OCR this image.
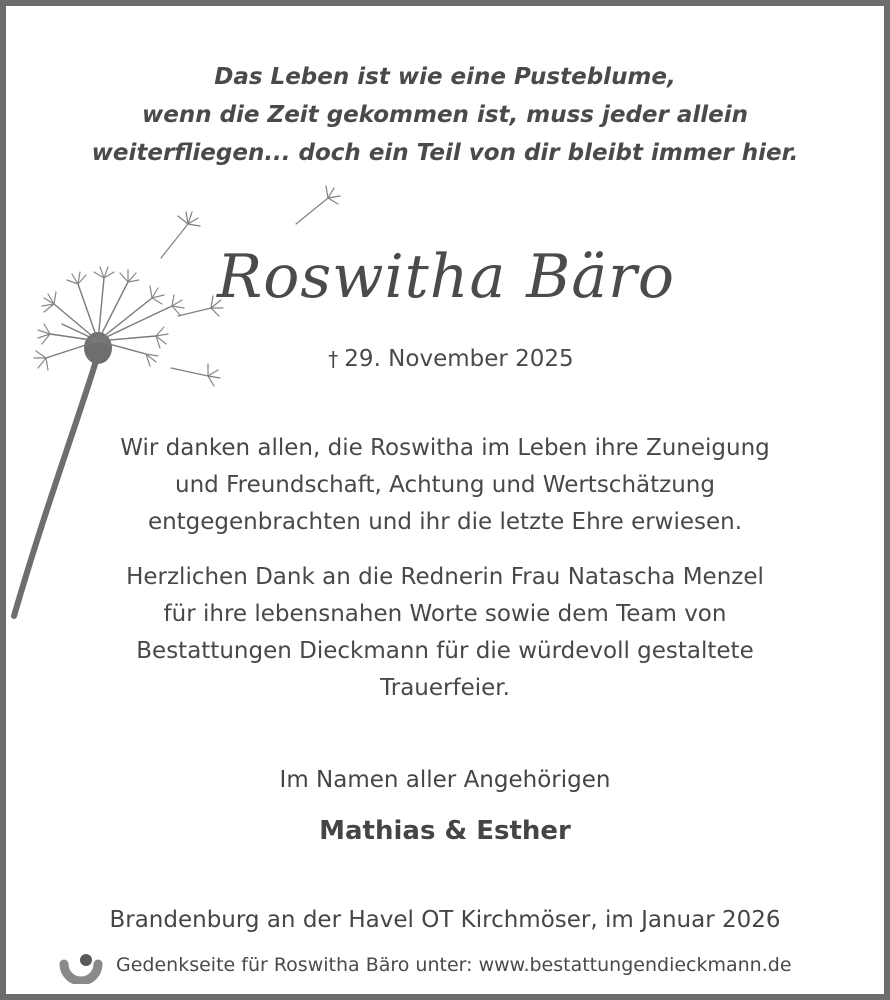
Das Leben ist wie eine Pusteblume,
wenn die Zeit gekommen ist, muss jeder allein
weiterfliegen... doch ein Teil von dir bleibt immer hier.
Roswitha Bäro
† 29. November 2025
Wir danken allen, die Roswitha im Leben ihre Zuneigung
und Freundschaft, Achtung und Wertschätzung
entgegenbrachten und ihr die letzte Ehre erwiesen.
Herzlichen Dank an die Rednerin Frau Natascha Menzel
für ihre lebensnahen Worte sowie dem Team von
Bestattungen Dieckmann für die würdevoll gestaltete
Trauerfeier.
Im Namen aller Angehörigen
Mathias & Esther
Brandenburg an der Havel OT Kirchmöser, im Januar 2026
Gedenkseite für Roswitha Bäro unter: www.bestattungendieckmann.de
